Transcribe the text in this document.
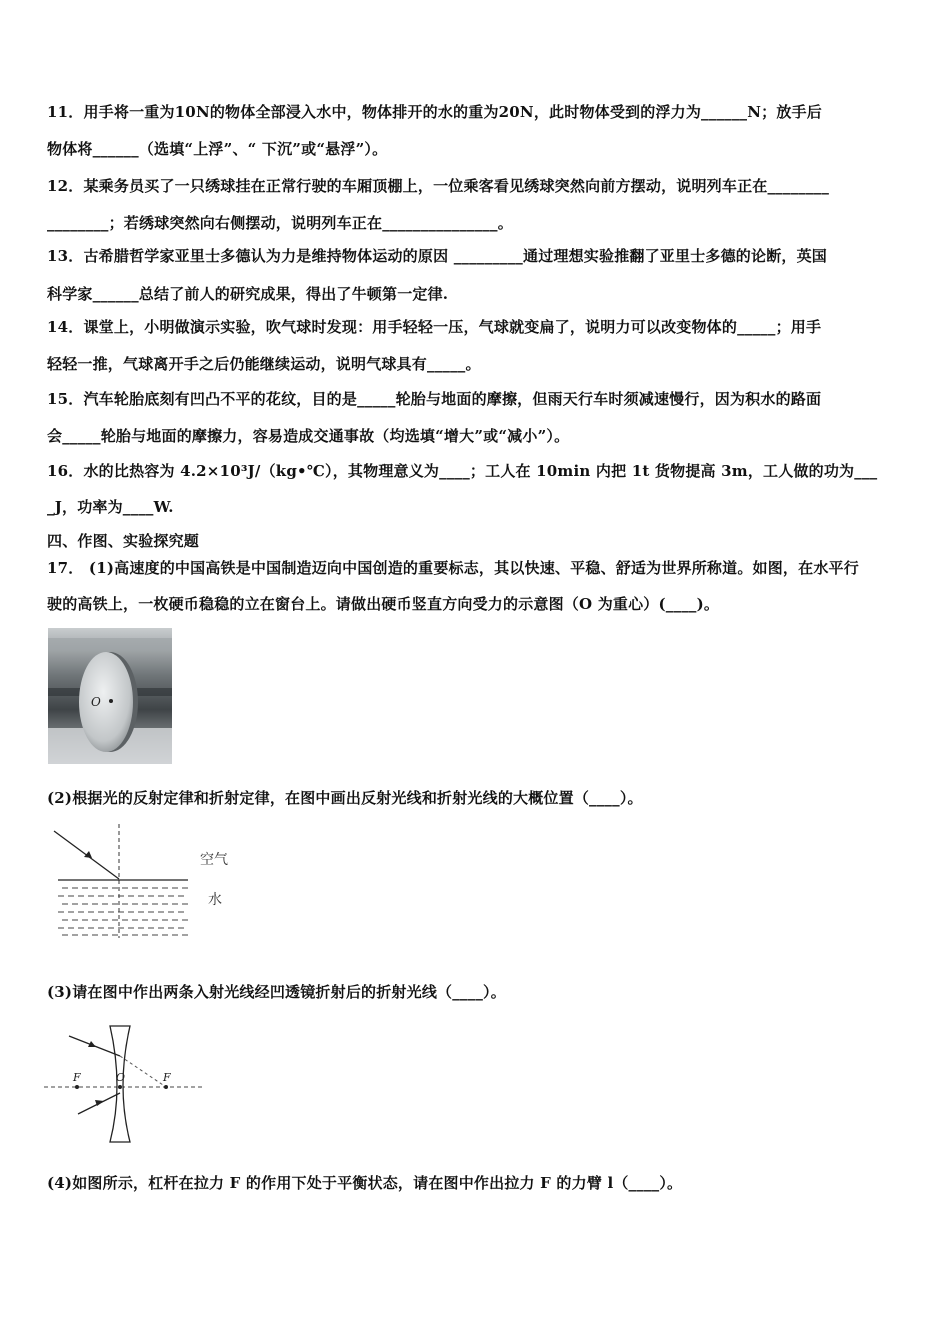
11．用手将一重为10N的物体全部浸入水中，物体排开的水的重为20N，此时物体受到的浮力为______N；放手后
物体将______（选填“上浮”、“ 下沉”或“悬浮”）。
12．某乘务员买了一只绣球挂在正常行驶的车厢顶棚上，一位乘客看见绣球突然向前方摆动，说明列车正在________
________；若绣球突然向右侧摆动，说明列车正在_______________。
13．古希腊哲学家亚里士多德认为力是维持物体运动的原因 _________通过理想实验推翻了亚里士多德的论断，英国
科学家______总结了前人的研究成果，得出了牛顿第一定律.
14．课堂上，小明做演示实验，吹气球时发现：用手轻轻一压，气球就变扁了，说明力可以改变物体的_____；用手
轻轻一推，气球离开手之后仍能继续运动，说明气球具有_____。
15．汽车轮胎底刻有凹凸不平的花纹，目的是_____轮胎与地面的摩擦，但雨天行车时须减速慢行，因为积水的路面
会_____轮胎与地面的摩擦力，容易造成交通事故（均选填“增大”或“减小”）。
16．水的比热容为 4.2×10³J/（kg•℃），其物理意义为____；工人在 10min 内把 1t 货物提高 3m，工人做的功为___
_J，功率为____W.
四、作图、实验探究题
17． (1)高速度的中国高铁是中国制造迈向中国创造的重要标志，其以快速、平稳、舒适为世界所称道。如图，在水平行
驶的高铁上，一枚硬币稳稳的立在窗台上。请做出硬币竖直方向受力的示意图（O 为重心）(____)。
O
(2)根据光的反射定律和折射定律，在图中画出反射光线和折射光线的大概位置（____）。
空气
水
(3)请在图中作出两条入射光线经凹透镜折射后的折射光线（____）。
F	O	F
(4)如图所示，杠杆在拉力 F 的作用下处于平衡状态，请在图中作出拉力 F 的力臂 l（____）。
